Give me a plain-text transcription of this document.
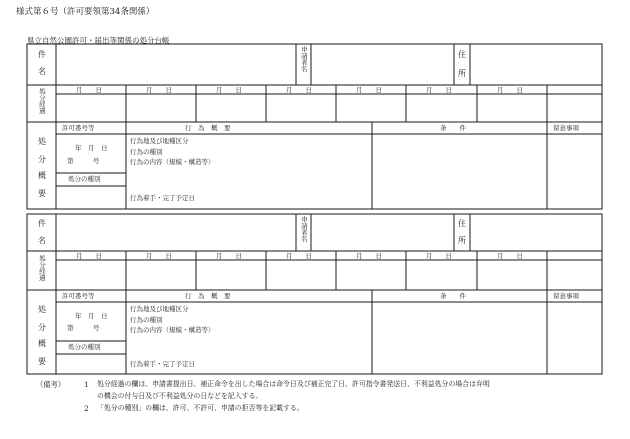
様式第６号（許可要領第34条関係）
県立自然公園許可・届出等関係の処分台帳
件
名	申請者名	住
所
処分経過	月　　日	月　　日	月　　日	月　　日	月　　日	月　　日	月　　日
許可番号等	行　為　概　要	条　　件	留意事項
処
分
概
要
年　月　日
第　　　号
処分の種別
行為地及び地種区分
行為の種別
行為の内容（規模・構造等）
行為着手・完了予定日
件
名	申請者名	住
所
処分経過	月　　日	月　　日	月　　日	月　　日	月　　日	月　　日	月　　日
許可番号等	行　為　概　要	条　　件	留意事項
処
分
概
要
年　月　日
第　　　号
処分の種別
行為地及び地種区分
行為の種別
行為の内容（規模・構造等）
行為着手・完了予定日
（備考）	1 処分経過の欄は、申請書提出日、補正命令を出した場合は命令日及び補正完了日、許可指令書発送日、不利益処分の場合は弁明
の機会の付与日及び不利益処分の日などを記入する。
2 「処分の種別」の欄は、許可、不許可、申請の拒否等を記載する。
